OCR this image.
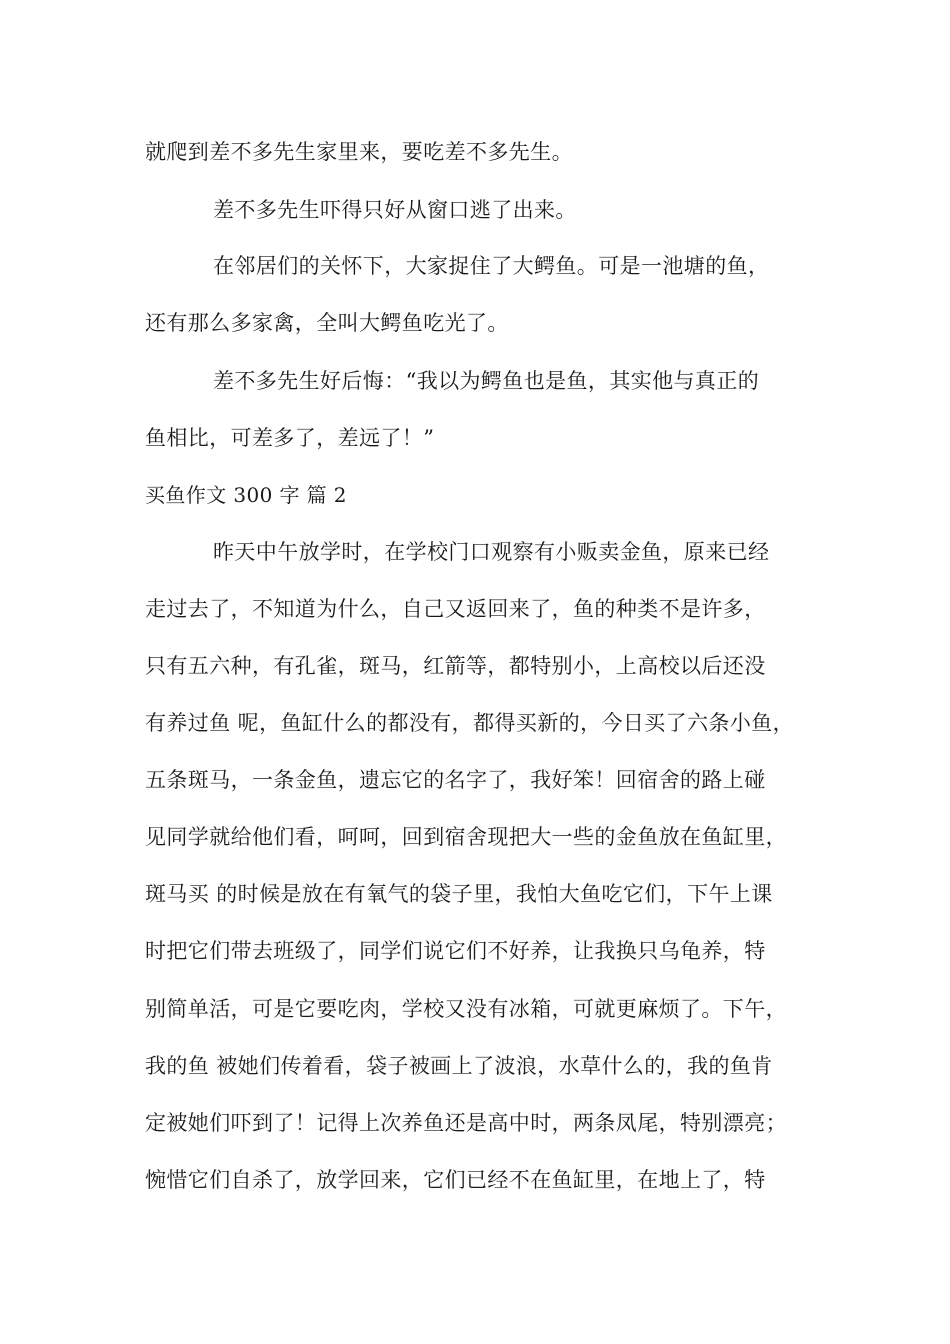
就爬到差不多先生家里来，要吃差不多先生。
差不多先生吓得只好从窗口逃了出来。
在邻居们的关怀下，大家捉住了大鳄鱼。可是一池塘的鱼，
还有那么多家禽，全叫大鳄鱼吃光了。
差不多先生好后悔：“我以为鳄鱼也是鱼，其实他与真正的
鱼相比，可差多了，差远了！”
买鱼作文 300 字 篇 2
昨天中午放学时，在学校门口观察有小贩卖金鱼，原来已经
走过去了，不知道为什么，自己又返回来了，鱼的种类不是许多，
只有五六种，有孔雀，斑马，红箭等，都特别小，上高校以后还没
有养过鱼 呢，鱼缸什么的都没有，都得买新的，今日买了六条小鱼，
五条斑马，一条金鱼，遗忘它的名字了，我好笨！回宿舍的路上碰
见同学就给他们看，呵呵，回到宿舍现把大一些的金鱼放在鱼缸里，
斑马买 的时候是放在有氧气的袋子里，我怕大鱼吃它们，下午上课
时把它们带去班级了，同学们说它们不好养，让我换只乌龟养，特
别简单活，可是它要吃肉，学校又没有冰箱，可就更麻烦了。下午，
我的鱼 被她们传着看，袋子被画上了波浪，水草什么的，我的鱼肯
定被她们吓到了！记得上次养鱼还是高中时，两条凤尾，特别漂亮；
惋惜它们自杀了，放学回来，它们已经不在鱼缸里，在地上了，特
